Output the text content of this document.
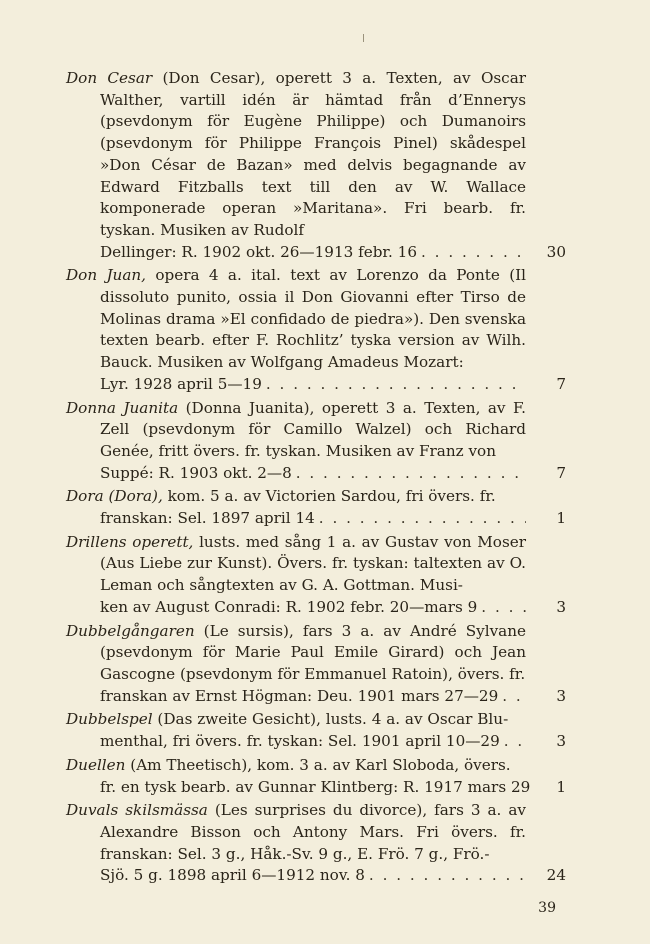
Don Cesar (Don Cesar), operett 3 a. Texten, av Oscar Walther, vartill idén är hämtad från d’Ennerys (psevdonym för Eugène Philippe) och Dumanoirs (psevdonym för Philippe François Pinel) skådespel »Don César de Bazan» med delvis begagnande av Edward Fitzballs text till den av W. Wallace komponerade operan »Maritana». Fri bearb. fr. tyskan. Musiken av Rudolf

Dellinger: R. 1902 okt. 26—1913 febr. 16 . . .	30

Don Juan, opera 4 a. ital. text av Lorenzo da Ponte (Il dissoluto punito, ossia il Don Giovanni efter Tirso de Molinas drama »El confidado de piedra»). Den svenska texten bearb. efter F. Rochlitz’ tyska version av Wilh. Bauck. Musiken av Wolfgang Amadeus Mozart:

Lyr. 1928 april 5—19 . . .	7

Donna Juanita (Donna Juanita), operett 3 a. Texten, av F. Zell (psevdonym för Camillo Walzel) och Richard Genée, fritt övers. fr. tyskan. Musiken av Franz von

Suppé: R. 1903 okt. 2—8 . . .	7

Dora (Dora), kom. 5 a. av Victorien Sardou, fri övers. fr.

franskan: Sel. 1897 april 14 . . .	1

Drillens operett, lusts. med sång 1 a. av Gustav von Moser (Aus Liebe zur Kunst). Övers. fr. tyskan: taltexten av O. Leman och sångtexten av G. A. Gottman. Musi-

ken av August Conradi: R. 1902 febr. 20—mars 9 . . .	3

Dubbelgångaren (Le sursis), fars 3 a. av André Sylvane (psevdonym för Marie Paul Emile Girard) och Jean Gascogne (psevdonym för Emmanuel Ratoin), övers. fr.

franskan av Ernst Högman: Deu. 1901 mars 27—29 . . .	3

Dubbelspel (Das zweite Gesicht), lusts. 4 a. av Oscar Blu-

menthal, fri övers. fr. tyskan: Sel. 1901 april 10—29 . . .	3

Duellen (Am Theetisch), kom. 3 a. av Karl Sloboda, övers.

fr. en tysk bearb. av Gunnar Klintberg: R. 1917 mars 29	1

Duvals skilsmässa (Les surprises du divorce), fars 3 a. av Alexandre Bisson och Antony Mars. Fri övers. fr. franskan: Sel. 3 g., Håk.-Sv. 9 g., E. Frö. 7 g., Frö.-

Sjö. 5 g. 1898 april 6—1912 nov. 8 . . .	24
39
